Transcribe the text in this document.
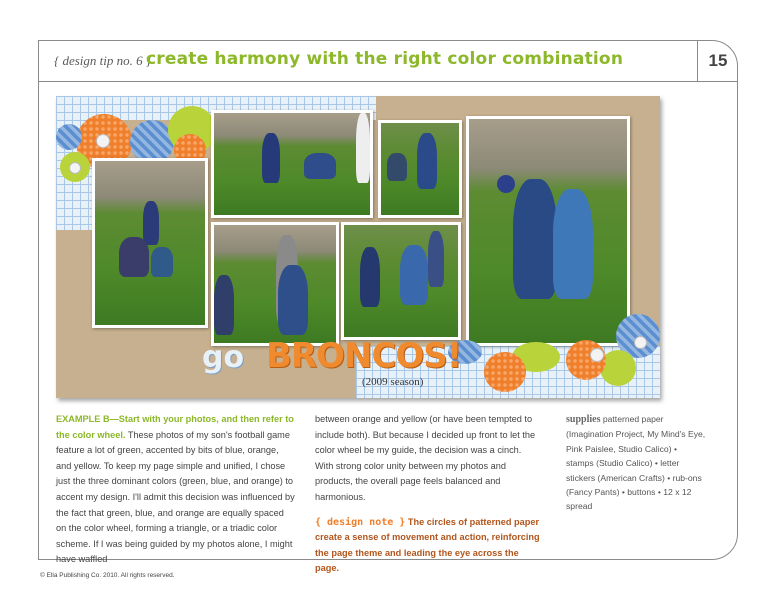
{ design tip no. 6 }
create harmony with the right color combination	15
go BRONCOS!
(2009 season)
EXAMPLE B—Start with your photos, and then refer to the color wheel. These photos of my son's football game feature a lot of green, accented by bits of blue, orange, and yellow. To keep my page simple and unified, I chose just the three dominant colors (green, blue, and orange) to accent my design. I'll admit this decision was influenced by the fact that green, blue, and orange are equally spaced on the color wheel, forming a triangle, or a triadic color scheme. If I was being guided by my photos alone, I might have waffled
between orange and yellow (or have been tempted to include both). But because I decided up front to let the color wheel be my guide, the decision was a cinch. With strong color unity between my photos and products, the overall page feels balanced and harmonious.
{ design note } The circles of patterned paper create a sense of movement and action, reinforcing the page theme and leading the eye across the page.
supplies patterned paper (Imagination Project, My Mind's Eye, Pink Paislee, Studio Calico) • stamps (Studio Calico) • letter stickers (American Crafts) • rub-ons (Fancy Pants) • buttons • 12 x 12 spread
© Ella Publishing Co. 2010. All rights reserved.
